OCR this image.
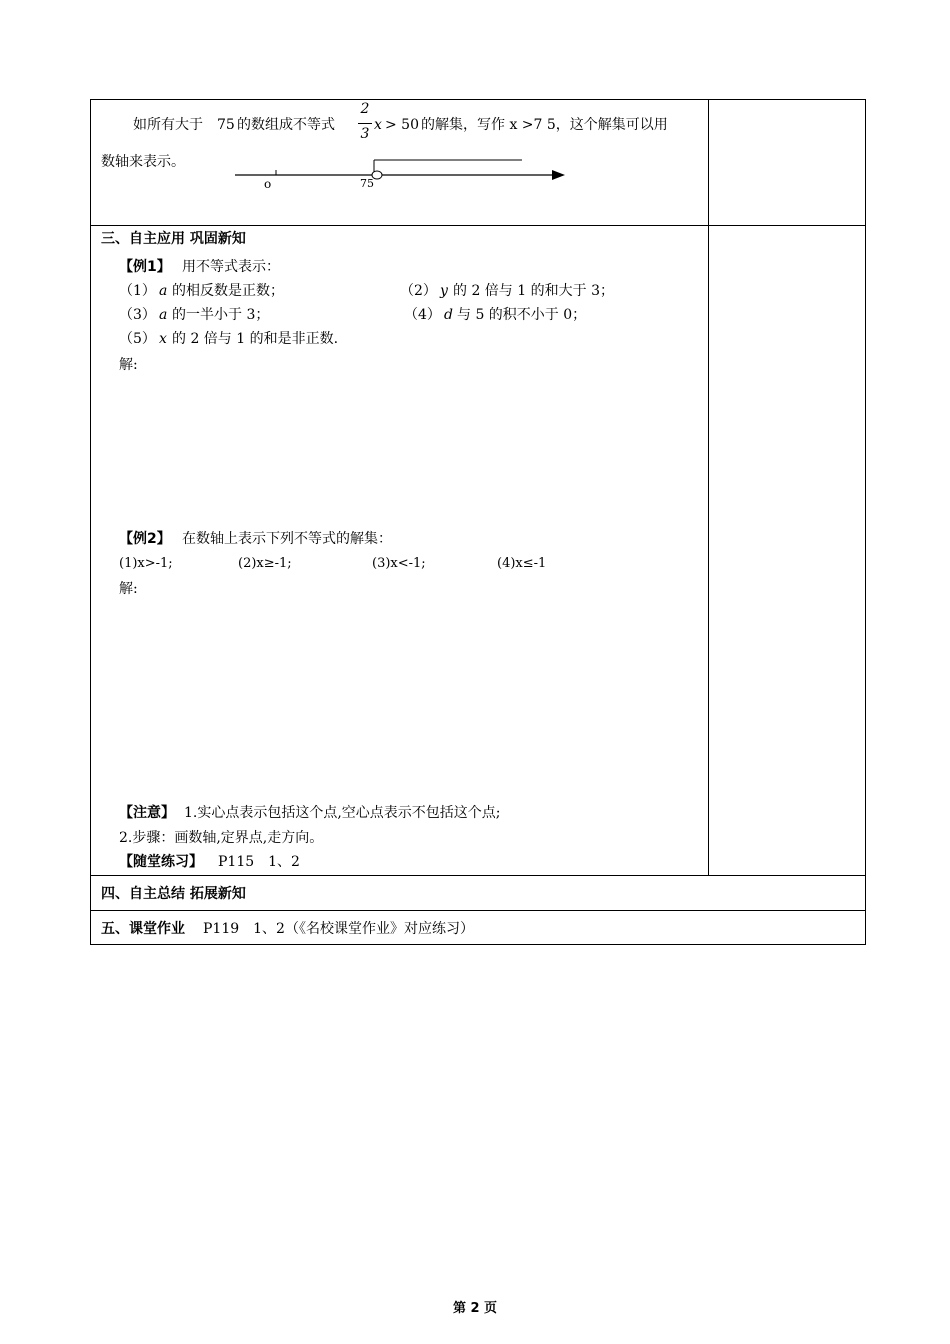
如所有大于 75 的数组成不等式
2
3
x > 50 的解集，写作 x >7 5，这个解集可以用
数轴来表示。
o	75
三、自主应用 巩固新知
【例1】 用不等式表示：
（1） a 的相反数是正数；	（2） y 的 2 倍与 1 的和大于 3；
（3） a 的一半小于 3；	（4） d 与 5 的积不小于 0；
（5） x 的 2 倍与 1 的和是非正数.
解:
【例2】 在数轴上表示下列不等式的解集：
(1)x>-1;	(2)x≥-1;	(3)x<-1;	(4)x≤-1
解:
【注意】 1.实心点表示包括这个点,空心点表示不包括这个点;
2.步骤：画数轴,定界点,走方向。
【随堂练习】 P115　1、2
四、自主总结 拓展新知
五、课堂作业 P119　1、2（《名校课堂作业》对应练习）
第 2 页
